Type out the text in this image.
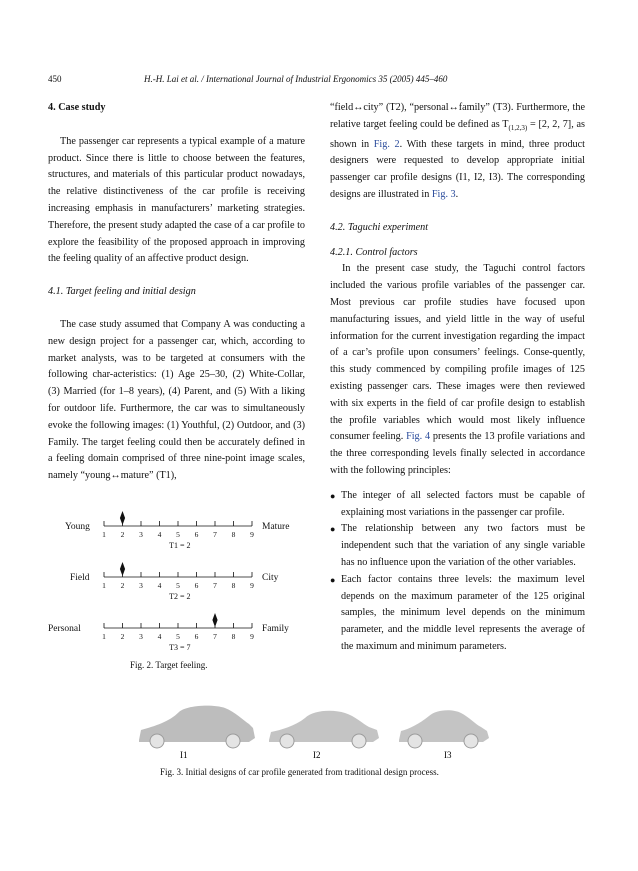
450	H.-H. Lai et al. / International Journal of Industrial Ergonomics 35 (2005) 445–460
4. Case study

The passenger car represents a typical example of a mature product. Since there is little to choose between the features, structures, and materials of this particular product nowadays, the relative distinctiveness of the car profile is receiving increasing emphasis in manufacturers’ marketing strategies. Therefore, the present study adapted the case of a car profile to explore the feasibility of the proposed approach in improving the feeling quality of an affective product design.

4.1. Target feeling and initial design

The case study assumed that Company A was conducting a new design project for a passenger car, which, according to market analysts, was to be targeted at consumers with the following char-acteristics: (1) Age 25–30, (2) White-Collar, (3) Married (for 1–8 years), (4) Parent, and (5) With a liking for outdoor life. Furthermore, the car was to simultaneously evoke the following images: (1) Youthful, (2) Outdoor, and (3) Family. The target feeling could then be accurately defined in a feeling domain comprised of three nine-point image scales, namely “young↔mature” (T1),

“field↔city” (T2), “personal↔family” (T3). Furthermore, the relative target feeling could be defined as $T_{(1,2,3)} = [2$, 2, 7], as shown in Fig. 2. With these targets in mind, three product designers were requested to develop appropriate initial passenger car profile designs (I1, I2, I3). The corresponding designs are illustrated in Fig. 3.

4.2. Taguchi experiment
4.2.1. Control factors

In the present case study, the Taguchi control factors included the various profile variables of the passenger car. Most previous car profile studies have focused upon manufacturing issues, and yield little in the way of useful information for the current investigation regarding the impact of a car’s profile upon consumers’ feelings. Conse-quently, this study commenced by compiling profile images of 125 existing passenger cars. These images were then reviewed with six experts in the field of car profile design to establish the profile variables which would most likely influence consumer feeling. Fig. 4 presents the 13 profile variations and the three corresponding levels finally selected in accordance with the following principles:

● The integer of all selected factors must be capable of explaining most variations in the passenger car profile.
● The relationship between any two factors must be independent such that the variation of any single variable has no influence upon the variation of the other variables.
● Each factor contains three levels: the maximum level depends on the maximum parameter of the 125 original samples, the minimum level depends on the minimum parameter, and the middle level represents the average of the maximum and minimum parameters.
1 2 3 4 5 6 7 8 9
Young	Mature
T1 = 2
1 2 3 4 5 6 7 8 9
Field	City
T2 = 2
1 2 3 4 5 6 7 8 9
Personal	Family
T3 = 7
Fig. 2. Target feeling.
I1	I2	I3
Fig. 3. Initial designs of car profile generated from traditional design process.
